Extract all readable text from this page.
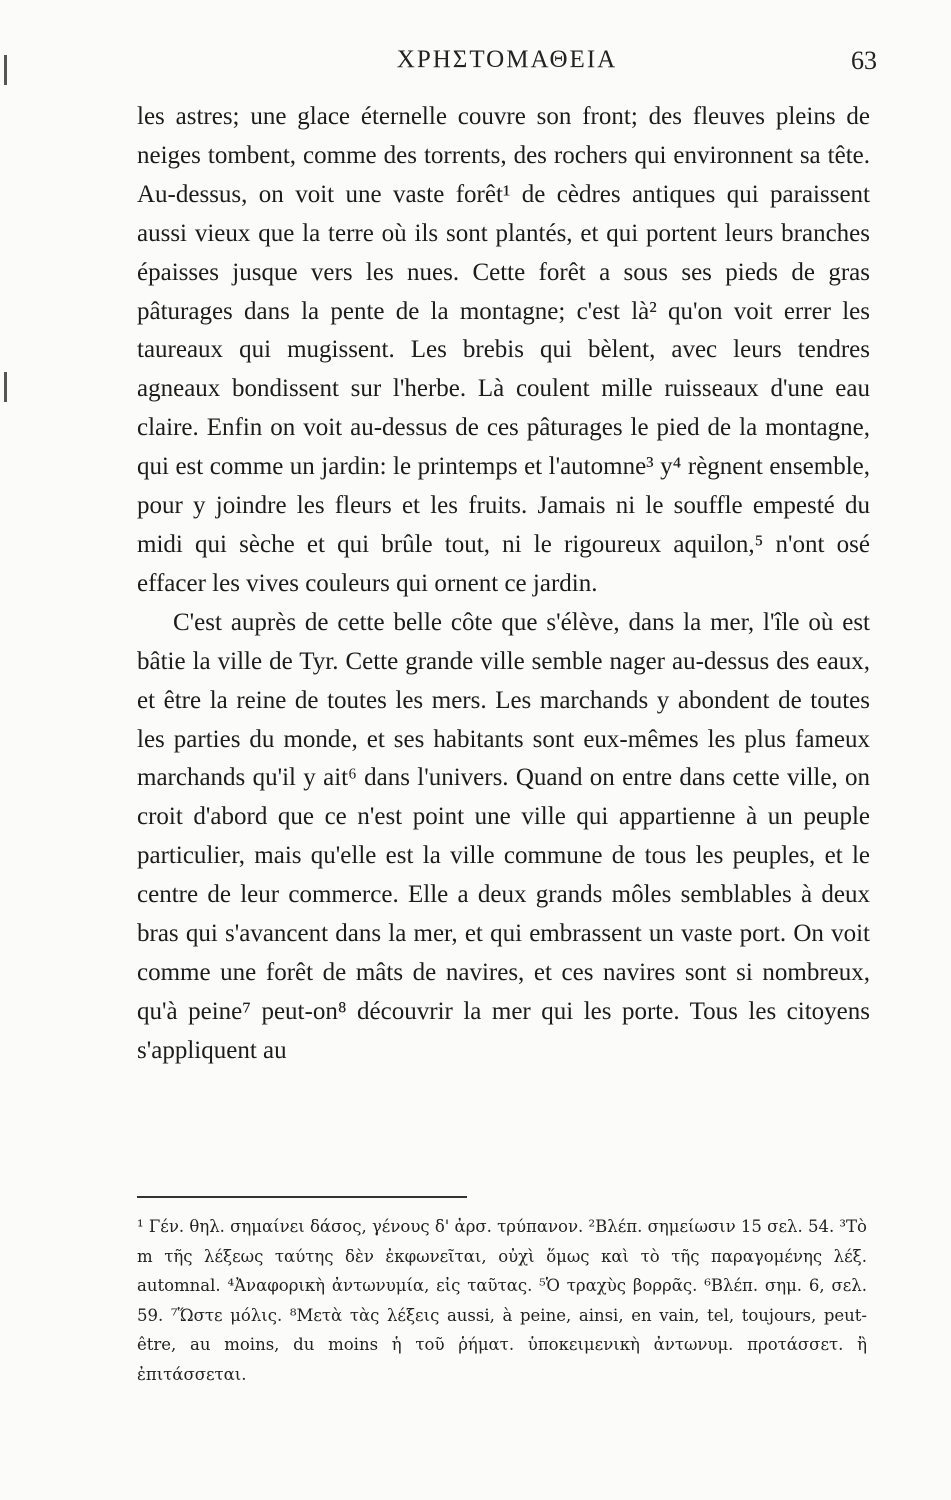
ΧΡΗΣΤΟΜΑΘΕΙΑ	63

les astres; une glace éternelle couvre son front; des fleuves pleins de neiges tombent, comme des torrents, des rochers qui environnent sa tête. Au-dessus, on voit une vaste forêt¹ de cèdres antiques qui paraissent aussi vieux que la terre où ils sont plantés, et qui portent leurs branches épaisses jusque vers les nues. Cette forêt a sous ses pieds de gras pâturages dans la pente de la montagne; c'est là² qu'on voit errer les taureaux qui mugissent. Les brebis qui bèlent, avec leurs tendres agneaux bondissent sur l'herbe. Là coulent mille ruisseaux d'une eau claire. Enfin on voit au-dessus de ces pâturages le pied de la montagne, qui est comme un jardin: le printemps et l'automne³ y⁴ règnent ensemble, pour y joindre les fleurs et les fruits. Jamais ni le souffle empesté du midi qui sèche et qui brûle tout, ni le rigoureux aquilon,⁵ n'ont osé effacer les vives couleurs qui ornent ce jardin.

C'est auprès de cette belle côte que s'élève, dans la mer, l'île où est bâtie la ville de Tyr. Cette grande ville semble nager au-dessus des eaux, et être la reine de toutes les mers. Les marchands y abondent de toutes les parties du monde, et ses habitants sont eux-mêmes les plus fameux marchands qu'il y ait⁶ dans l'univers. Quand on entre dans cette ville, on croit d'abord que ce n'est point une ville qui appartienne à un peuple particulier, mais qu'elle est la ville commune de tous les peuples, et le centre de leur commerce. Elle a deux grands môles semblables à deux bras qui s'avancent dans la mer, et qui embrassent un vaste port. On voit comme une forêt de mâts de navires, et ces navires sont si nombreux, qu'à peine⁷ peut-on⁸ découvrir la mer qui les porte. Tous les citoyens s'appliquent au

¹ Γέν. θηλ. σημαίνει δάσος, γένους δ' ἀρσ. τρύπανον. ²Βλέπ. σημείωσιν 15 σελ. 54. ³Τὸ m τῆς λέξεως ταύτης δὲν ἐκφωνεῖται, οὐχὶ ὅμως καὶ τὸ τῆς παραγομένης λέξ. automnal. ⁴Ἀναφορικὴ ἀντωνυμία, εἰς ταῦτας. ⁵Ὁ τραχὺς βορρᾶς. ⁶Βλέπ. σημ. 6, σελ. 59. ⁷Ὥστε μόλις. ⁸Μετὰ τὰς λέξεις aussi, à peine, ainsi, en vain, tel, toujours, peut-être, au moins, du moins ἡ τοῦ ῥήματ. ὑποκειμενικὴ ἀντωνυμ. προτάσσετ. ἢ ἐπιτάσσεται.
